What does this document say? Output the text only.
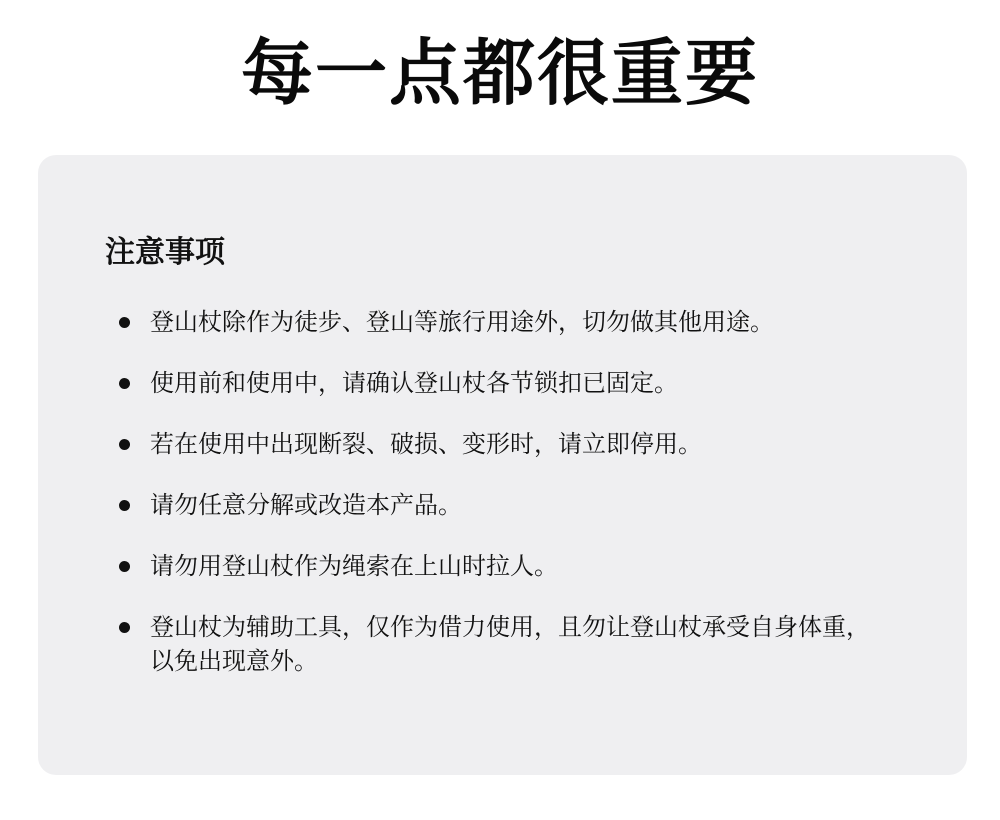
每一点都很重要
注意事项
登山杖除作为徒步、登山等旅行用途外，切勿做其他用途。
使用前和使用中，请确认登山杖各节锁扣已固定。
若在使用中出现断裂、破损、变形时，请立即停用。
请勿任意分解或改造本产品。
请勿用登山杖作为绳索在上山时拉人。
登山杖为辅助工具，仅作为借力使用，且勿让登山杖承受自身体重，以免出现意外。
